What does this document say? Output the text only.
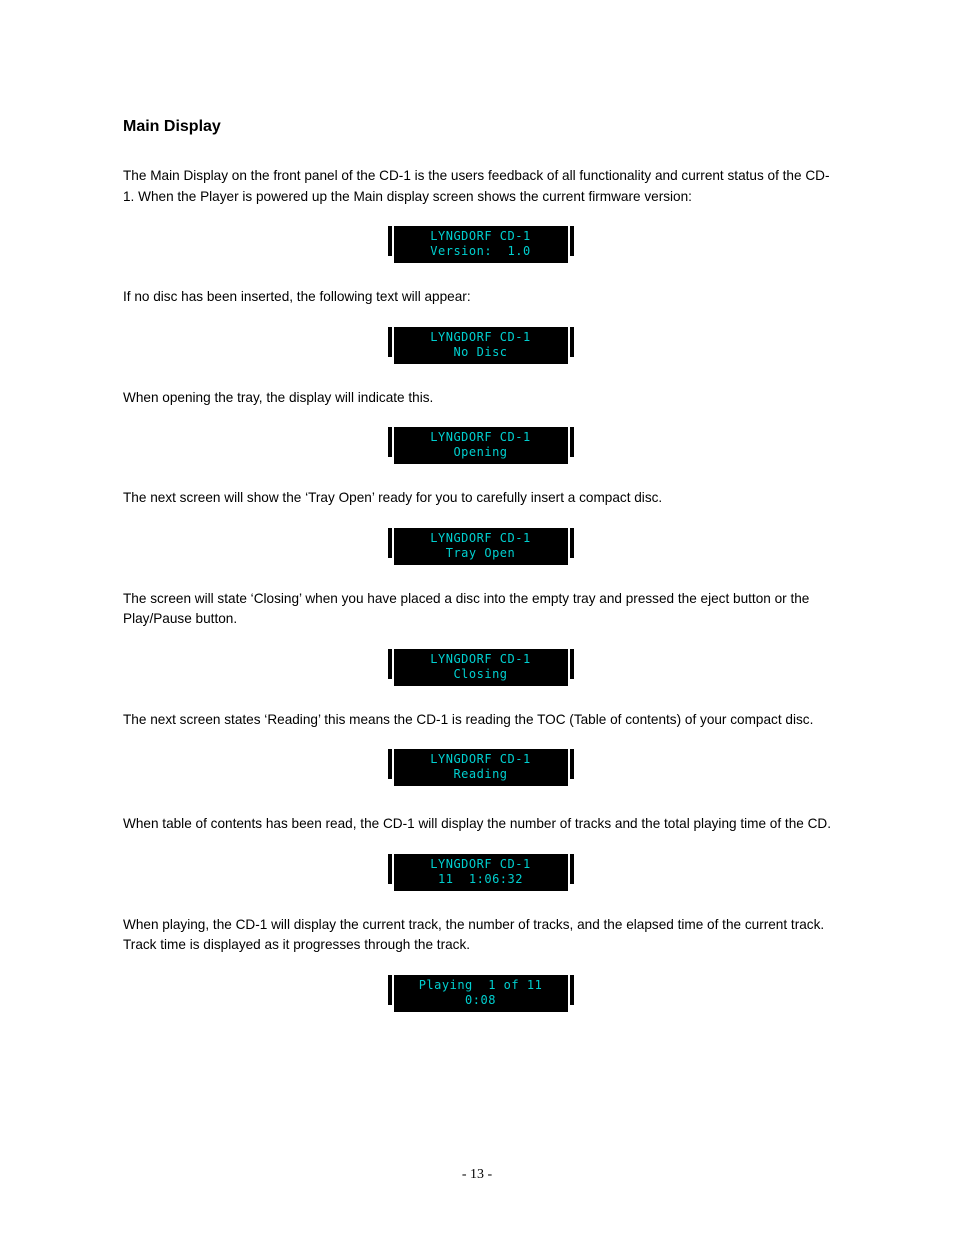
Main Display

The Main Display on the front panel of the CD-1 is the users feedback of all functionality and current status of the CD-1. When the Player is powered up the Main display screen shows the current firmware version:

LYNGDORF CD-1
Version:  1.0

If no disc has been inserted, the following text will appear:

LYNGDORF CD-1
No Disc

When opening the tray, the display will indicate this.

LYNGDORF CD-1
Opening

The next screen will show the ‘Tray Open’ ready for you to carefully insert a compact disc.

LYNGDORF CD-1
Tray Open

The screen will state ‘Closing’ when you have placed a disc into the empty tray and pressed the eject button or the Play/Pause button.

LYNGDORF CD-1
Closing

The next screen states ‘Reading’ this means the CD-1 is reading the TOC (Table of contents) of your compact disc.

LYNGDORF CD-1
Reading

When table of contents has been read, the CD-1 will display the number of tracks and the total playing time of the CD.

LYNGDORF CD-1
11  1:06:32

When playing, the CD-1 will display the current track, the number of tracks, and the elapsed time of the current track. Track time is displayed as it progresses through the track.

Playing  1 of 11
0:08
- 13 -
